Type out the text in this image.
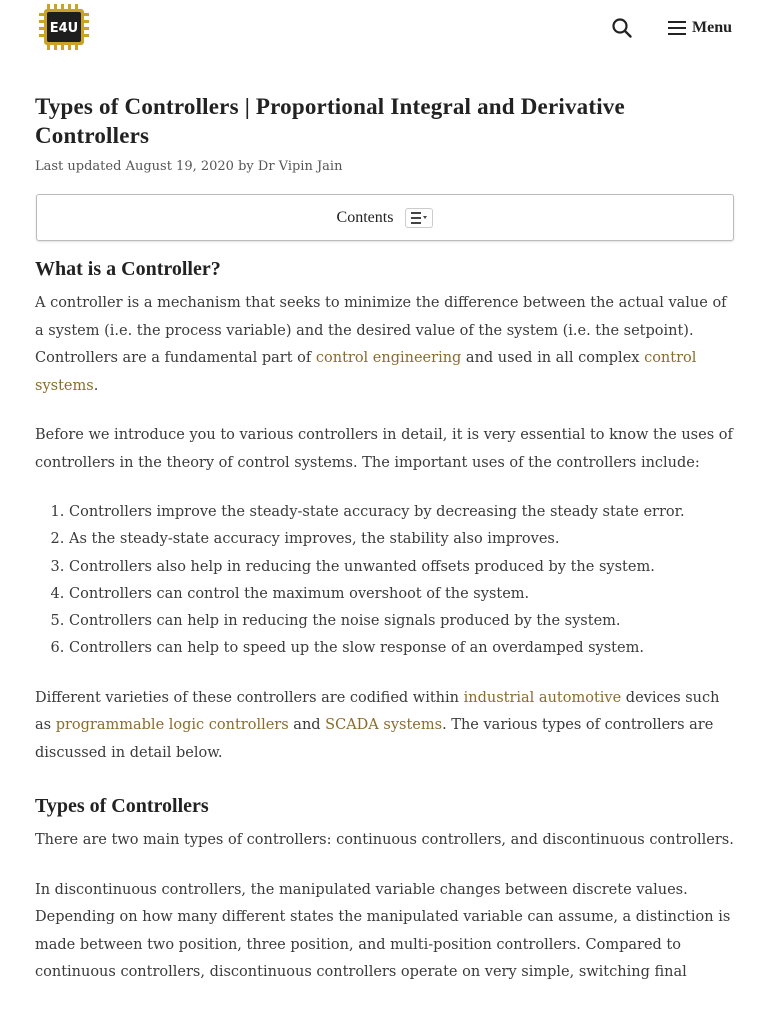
E4U	Menu
Types of Controllers | Proportional Integral and Derivative Controllers
Last updated August 19, 2020 by Dr Vipin Jain
Contents
What is a Controller?

A controller is a mechanism that seeks to minimize the difference between the actual value of a system (i.e. the process variable) and the desired value of the system (i.e. the setpoint). Controllers are a fundamental part of control engineering and used in all complex control systems.

Before we introduce you to various controllers in detail, it is very essential to know the uses of controllers in the theory of control systems. The important uses of the controllers include:

1. Controllers improve the steady-state accuracy by decreasing the steady state error.
2. As the steady-state accuracy improves, the stability also improves.
3. Controllers also help in reducing the unwanted offsets produced by the system.
4. Controllers can control the maximum overshoot of the system.
5. Controllers can help in reducing the noise signals produced by the system.
6. Controllers can help to speed up the slow response of an overdamped system.

Different varieties of these controllers are codified within industrial automotive devices such as programmable logic controllers and SCADA systems. The various types of controllers are discussed in detail below.

Types of Controllers

There are two main types of controllers: continuous controllers, and discontinuous controllers.

In discontinuous controllers, the manipulated variable changes between discrete values. Depending on how many different states the manipulated variable can assume, a distinction is made between two position, three position, and multi-position controllers. Compared to continuous controllers, discontinuous controllers operate on very simple, switching final
